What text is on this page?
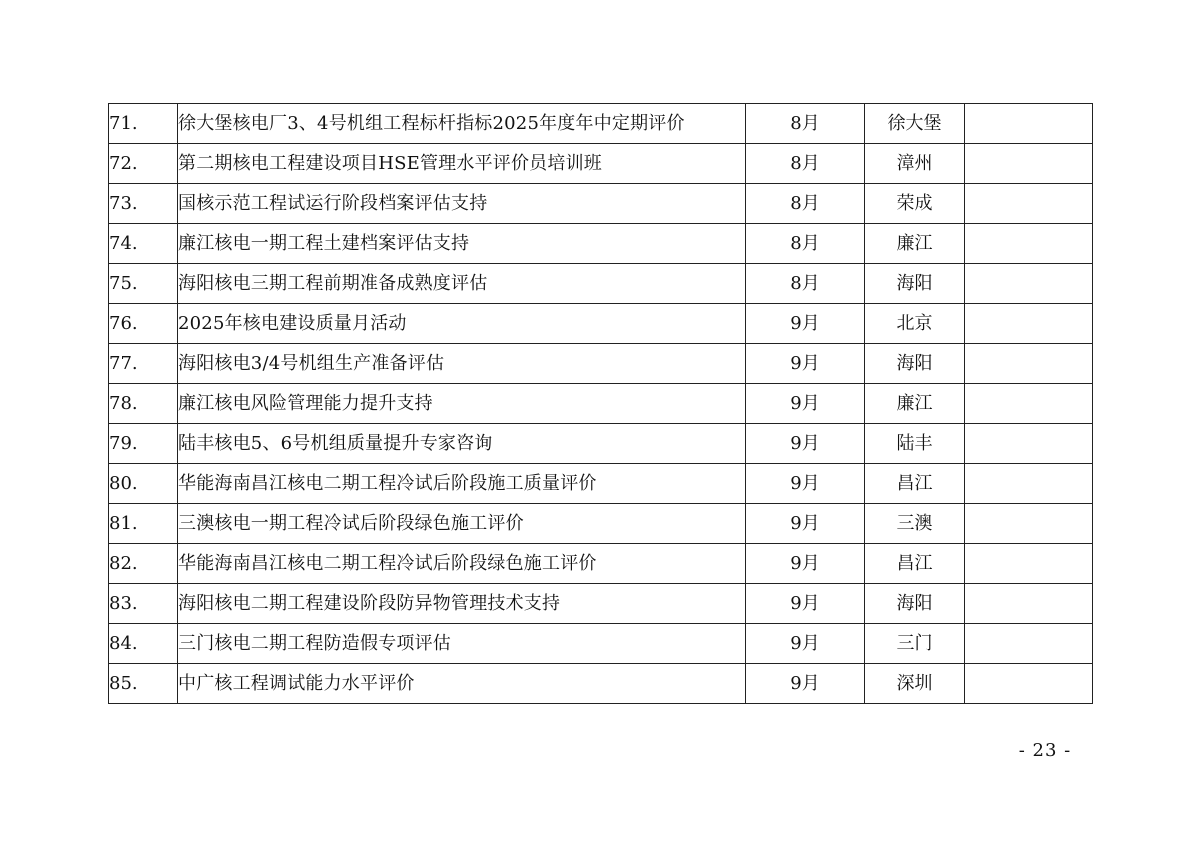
71.	徐大堡核电厂3、4号机组工程标杆指标2025年度年中定期评价	8月	徐大堡	
72.	第二期核电工程建设项目HSE管理水平评价员培训班	8月	漳州	
73.	国核示范工程试运行阶段档案评估支持	8月	荣成	
74.	廉江核电一期工程土建档案评估支持	8月	廉江	
75.	海阳核电三期工程前期准备成熟度评估	8月	海阳	
76.	2025年核电建设质量月活动	9月	北京	
77.	海阳核电3/4号机组生产准备评估	9月	海阳	
78.	廉江核电风险管理能力提升支持	9月	廉江	
79.	陆丰核电5、6号机组质量提升专家咨询	9月	陆丰	
80.	华能海南昌江核电二期工程冷试后阶段施工质量评价	9月	昌江	
81.	三澳核电一期工程冷试后阶段绿色施工评价	9月	三澳	
82.	华能海南昌江核电二期工程冷试后阶段绿色施工评价	9月	昌江	
83.	海阳核电二期工程建设阶段防异物管理技术支持	9月	海阳	
84.	三门核电二期工程防造假专项评估	9月	三门	
85.	中广核工程调试能力水平评价	9月	深圳	
- 23 -
